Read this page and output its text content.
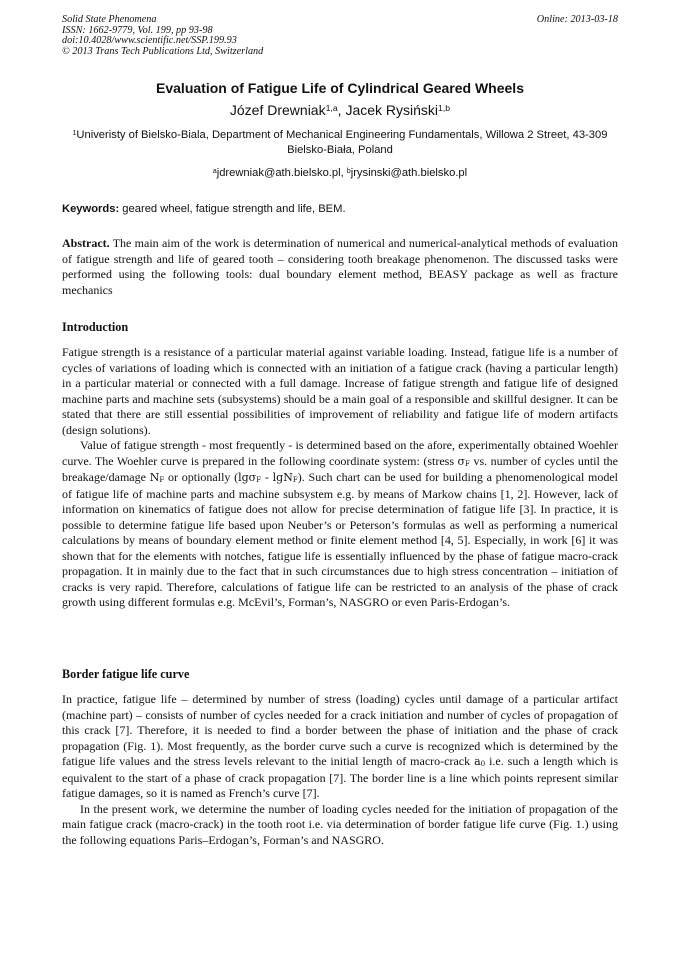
Solid State Phenomena	Online: 2013-03-18
ISSN: 1662-9779, Vol. 199, pp 93-98
doi:10.4028/www.scientific.net/SSP.199.93
© 2013 Trans Tech Publications Ltd, Switzerland
Evaluation of Fatigue Life of Cylindrical Geared Wheels
Józef Drewniak$^{1,a}$, Jacek Rysiński$^{1,b}$
$^1$Univeristy of Bielsko-Biala, Department of Mechanical Engineering Fundamentals, Willowa 2 Street, 43-309 Bielsko-Biała, Poland
$^a$jdrewniak@ath.bielsko.pl, $^b$jrysinski@ath.bielsko.pl
Keywords: geared wheel, fatigue strength and life, BEM.

Abstract. The main aim of the work is determination of numerical and numerical-analytical methods of evaluation of fatigue strength and life of geared tooth – considering tooth breakage phenomenon. The discussed tasks were performed using the following tools: dual boundary element method, BEASY package as well as fracture mechanics

Introduction

Fatigue strength is a resistance of a particular material against variable loading. Instead, fatigue life is a number of cycles of variations of loading which is connected with an initiation of a fatigue crack (having a particular length) in a particular material or connected with a full damage. Increase of fatigue strength and fatigue life of designed machine parts and machine sets (subsystems) should be a main goal of a responsible and skillful designer. It can be stated that there are still essential possibilities of improvement of reliability and fatigue life of modern artifacts (design solutions).

Value of fatigue strength - most frequently - is determined based on the afore, experimentally obtained Woehler curve. The Woehler curve is prepared in the following coordinate system: (stress σF vs. number of cycles until the breakage/damage NF or optionally (lgσF - lgNF). Such chart can be used for building a phenomenological model of fatigue life of machine parts and machine subsystem e.g. by means of Markow chains [1, 2]. However, lack of information on kinematics of fatigue does not allow for precise determination of fatigue life [3]. In practice, it is possible to determine fatigue life based upon Neuber’s or Peterson’s formulas as well as performing a numerical calculations by means of boundary element method or finite element method [4, 5]. Especially, in work [6] it was shown that for the elements with notches, fatigue life is essentially influenced by the phase of fatigue macro-crack propagation. It in mainly due to the fact that in such circumstances due to high stress concentration – initiation of cracks is very rapid. Therefore, calculations of fatigue life can be restricted to an analysis of the phase of crack growth using different formulas e.g. McEvil’s, Forman’s, NASGRO or even Paris-Erdogan’s.

Border fatigue life curve

In practice, fatigue life – determined by number of stress (loading) cycles until damage of a particular artifact (machine part) – consists of number of cycles needed for a crack initiation and number of cycles of propagation of this crack [7]. Therefore, it is needed to find a border between the phase of initiation and the phase of crack propagation (Fig. 1). Most frequently, as the border curve such a curve is recognized which is determined by the fatigue life values and the stress levels relevant to the initial length of macro-crack a0 i.e. such a length which is equivalent to the start of a phase of crack propagation [7]. The border line is a line which points represent similar fatigue damages, so it is named as French’s curve [7].

In the present work, we determine the number of loading cycles needed for the initiation of propagation of the main fatigue crack (macro-crack) in the tooth root i.e. via determination of border fatigue life curve (Fig. 1.) using the following equations Paris–Erdogan’s, Forman’s and NASGRO.
